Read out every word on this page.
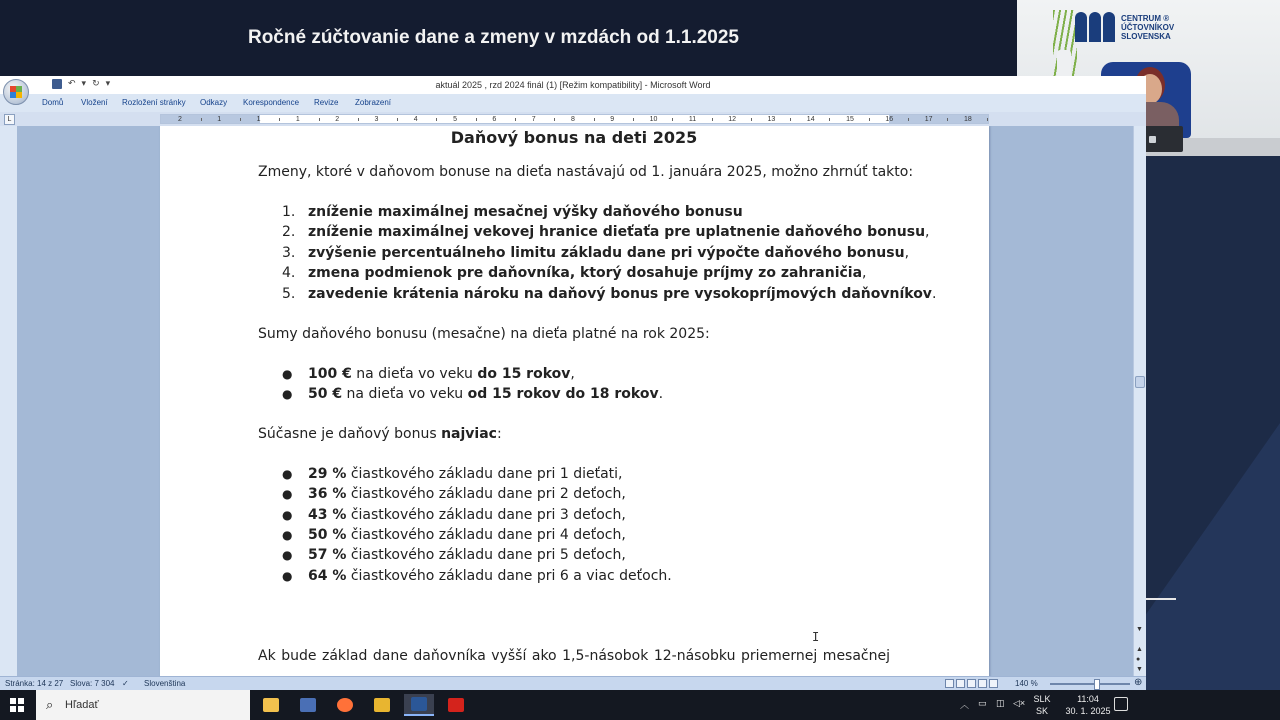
Ročné zúčtovanie dane a zmeny v mzdách od 1.1.2025
CENTRUM ®
ÚČTOVNÍKOV
SLOVENSKA
↶ ▾ ↻ ▾	aktuál 2025 , rzd 2024 finál (1) [Režim kompatibility] - Microsoft Word
Domů Vložení Rozložení stránky Odkazy Korespondence Revize Zobrazení
L	2	1	1	1	2	3	4	5	6	7	8	9	10	11	12	13	14	15	16	17	18
Daňový bonus na deti 2025

Zmeny, ktoré v daňovom bonuse na dieťa nastávajú od 1. januára 2025, možno zhrnúť takto:

1. zníženie maximálnej mesačnej výšky daňového bonusu
2. zníženie maximálnej vekovej hranice dieťaťa pre uplatnenie daňového bonusu,
3. zvýšenie percentuálneho limitu základu dane pri výpočte daňového bonusu,
4. zmena podmienok pre daňovníka, ktorý dosahuje príjmy zo zahraničia,
5. zavedenie krátenia nároku na daňový bonus pre vysokopríjmových daňovníkov.

Sumy daňového bonusu (mesačne) na dieťa platné na rok 2025:

● 100 € na dieťa vo veku do 15 rokov,
● 50 € na dieťa vo veku od 15 rokov do 18 rokov.

Súčasne je daňový bonus najviac:

● 29 % čiastkového základu dane pri 1 dieťati,
● 36 % čiastkového základu dane pri 2 deťoch,
● 43 % čiastkového základu dane pri 3 deťoch,
● 50 % čiastkového základu dane pri 4 deťoch,
● 57 % čiastkového základu dane pri 5 deťoch,
● 64 % čiastkového základu dane pri 6 a viac deťoch.
Ak bude základ dane daňovníka vyšší ako 1,5-násobok 12-násobku priemernej mesačnej
I
▼
▲
●
▼
Stránka: 14 z 27 Slova: 7 304 ✓ Slovenština	140 %	⊕
⌕ Hľadať	︿ ▭ ◫ ◁× SLK
SK
11:04
30. 1. 2025
